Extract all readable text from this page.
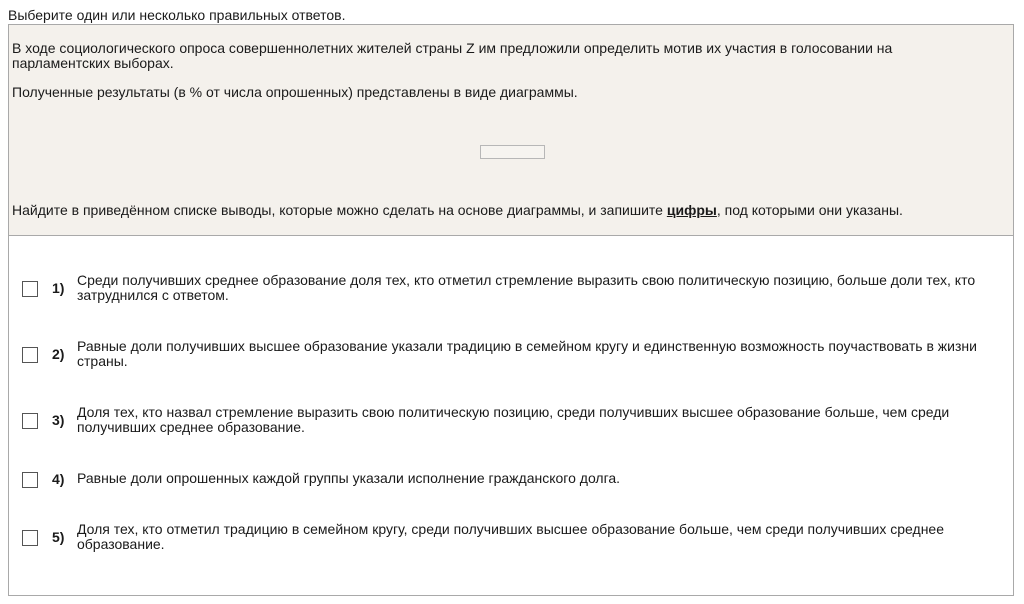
Выберите один или несколько правильных ответов.
В ходе социологического опроса совершеннолетних жителей страны Z им предложили определить мотив их участия в голосовании на парламентских выборах.
Полученные результаты (в % от числа опрошенных) представлены в виде диаграммы.
Найдите в приведённом списке выводы, которые можно сделать на основе диаграммы, и запишите цифры, под которыми они указаны.
1) Среди получивших среднее образование доля тех, кто отметил стремление выразить свою политическую позицию, больше доли тех, кто затруднился с ответом.
2) Равные доли получивших высшее образование указали традицию в семейном кругу и единственную возможность поучаствовать в жизни страны.
3) Доля тех, кто назвал стремление выразить свою политическую позицию, среди получивших высшее образование больше, чем среди получивших среднее образование.
4) Равные доли опрошенных каждой группы указали исполнение гражданского долга.
5) Доля тех, кто отметил традицию в семейном кругу, среди получивших высшее образование больше, чем среди получивших среднее образование.
